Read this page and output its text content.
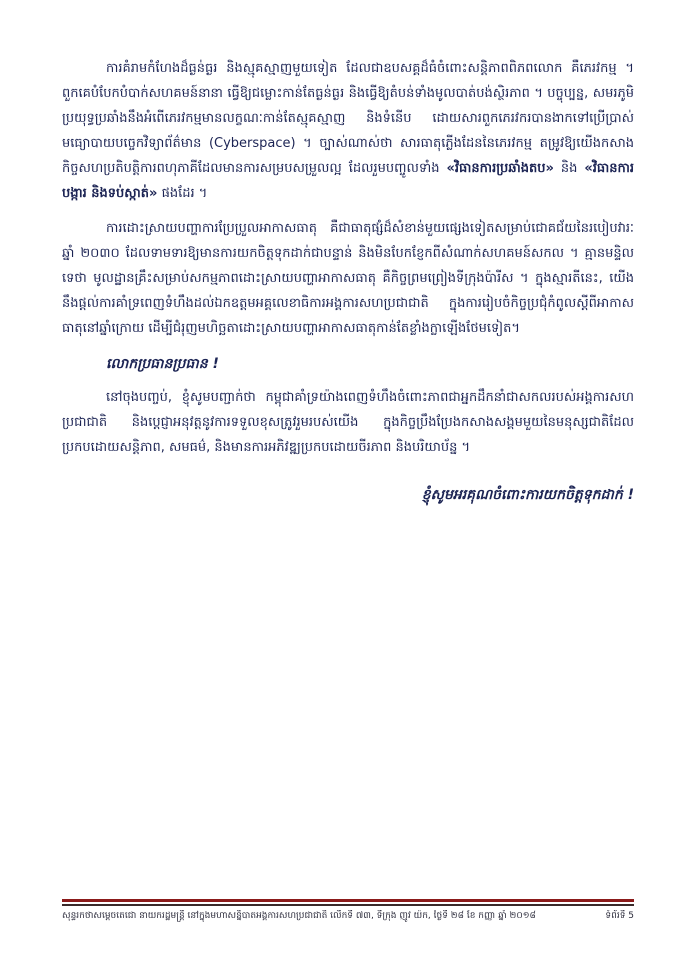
ការគំរាមកំហែងដ៏ធ្ងន់ធ្ងរ និងស្មុគស្មាញមួយទៀត ដែលជាឧបសគ្គដ៏ធំចំពោះសន្តិភាពពិភពលោក គឺភេរវកម្ម ។ ពួកគេបំបែកបំបាក់សហគមន៍នានា ធ្វើឱ្យជម្លោះកាន់តែធ្ងន់ធ្ងរ និងធ្វើឱ្យតំបន់ទាំងមូលបាត់បង់ស្ថិរភាព ។ បច្ចុប្បន្ន, សមរភូមិប្រយុទ្ធប្រឆាំងនឹងអំពើភេរវកម្មមានលក្ខណៈកាន់តែស្មុគស្មាញ និងទំនើប ដោយសារពួកភេរវករបានងាកទៅប្រើប្រាស់មធ្យោបាយបច្ចេកវិទ្យាព័ត៌មាន (Cyberspace) ។ ច្បាស់ណាស់ថា សារធាតុភ្លើងដែននៃភេរវកម្ម តម្រូវឱ្យយើងកសាងកិច្ចសហប្រតិបត្តិការពហុភាគីដែលមានការសម្របសម្រួលល្អ ដែលរួមបញ្ចូលទាំង «វិធានការប្រឆាំងតប» និង «វិធានការបង្ការ និងទប់ស្កាត់» ផងដែរ ។

ការដោះស្រាយបញ្ហាការប្រែប្រួលអាកាសធាតុ គឺជាធាតុផ្សំដ៏សំខាន់មួយផ្សេងទៀតសម្រាប់ជោគជ័យនៃរបៀបវារៈឆ្នាំ ២០៣០ ដែលទាមទារឱ្យមានការយកចិត្តទុកដាក់ជាបន្ទាន់ និងមិនបែកខ្ញែកពីសំណាក់សហគមន៍សកល ។ គ្មានមន្ទិលទេថា មូលដ្ឋានគ្រឹះសម្រាប់សកម្មភាពដោះស្រាយបញ្ហាអាកាសធាតុ គឺកិច្ចព្រមព្រៀងទីក្រុងប៉ារីស ។ ក្នុងស្មារតីនេះ, យើងនឹងផ្តល់ការគាំទ្រពេញទំហឹងដល់ឯកឧត្តមអគ្គលេខាធិការអង្គការសហប្រជាជាតិ ក្នុងការរៀបចំកិច្ចប្រជុំកំពូលស្តីពីអាកាសធាតុនៅឆ្នាំក្រោយ ដើម្បីជំរុញមហិច្ឆតាដោះស្រាយបញ្ហាអាកាសធាតុកាន់តែខ្លាំងក្លាឡើងថែមទៀត។

លោកប្រធានប្រធាន !

នៅចុងបញ្ចប់, ខ្ញុំសូមបញ្ជាក់ថា កម្ពុជាគាំទ្រយ៉ាងពេញទំហឹងចំពោះភាពជាអ្នកដឹកនាំជាសកលរបស់អង្គការសហប្រជាជាតិ និងប្តេជ្ញាអនុវត្តនូវការទទួលខុសត្រូវរួមរបស់យើង ក្នុងកិច្ចប្រឹងប្រែងកសាងសង្គមមួយនៃមនុស្សជាតិដែលប្រកបដោយសន្តិភាព, សមធម៌, និងមានការអភិវឌ្ឍប្រកបដោយចីរភាព និងបរិយាប័ន្ន ។

ខ្ញុំសូមអរគុណចំពោះការយកចិត្តទុកដាក់ !
សុន្ទរកថាសម្តេចតេជោ នាយករដ្ឋមន្ត្រី នៅក្នុងមហាសន្និបាតអង្គការសហប្រជាជាតិ លើកទី ៧៣, ទីក្រុង ញូវ យ៉ក, ថ្ងៃទី ២៨ ខែ កញ្ញា ឆ្នាំ ២០១៨	ទំព័រទី 5
